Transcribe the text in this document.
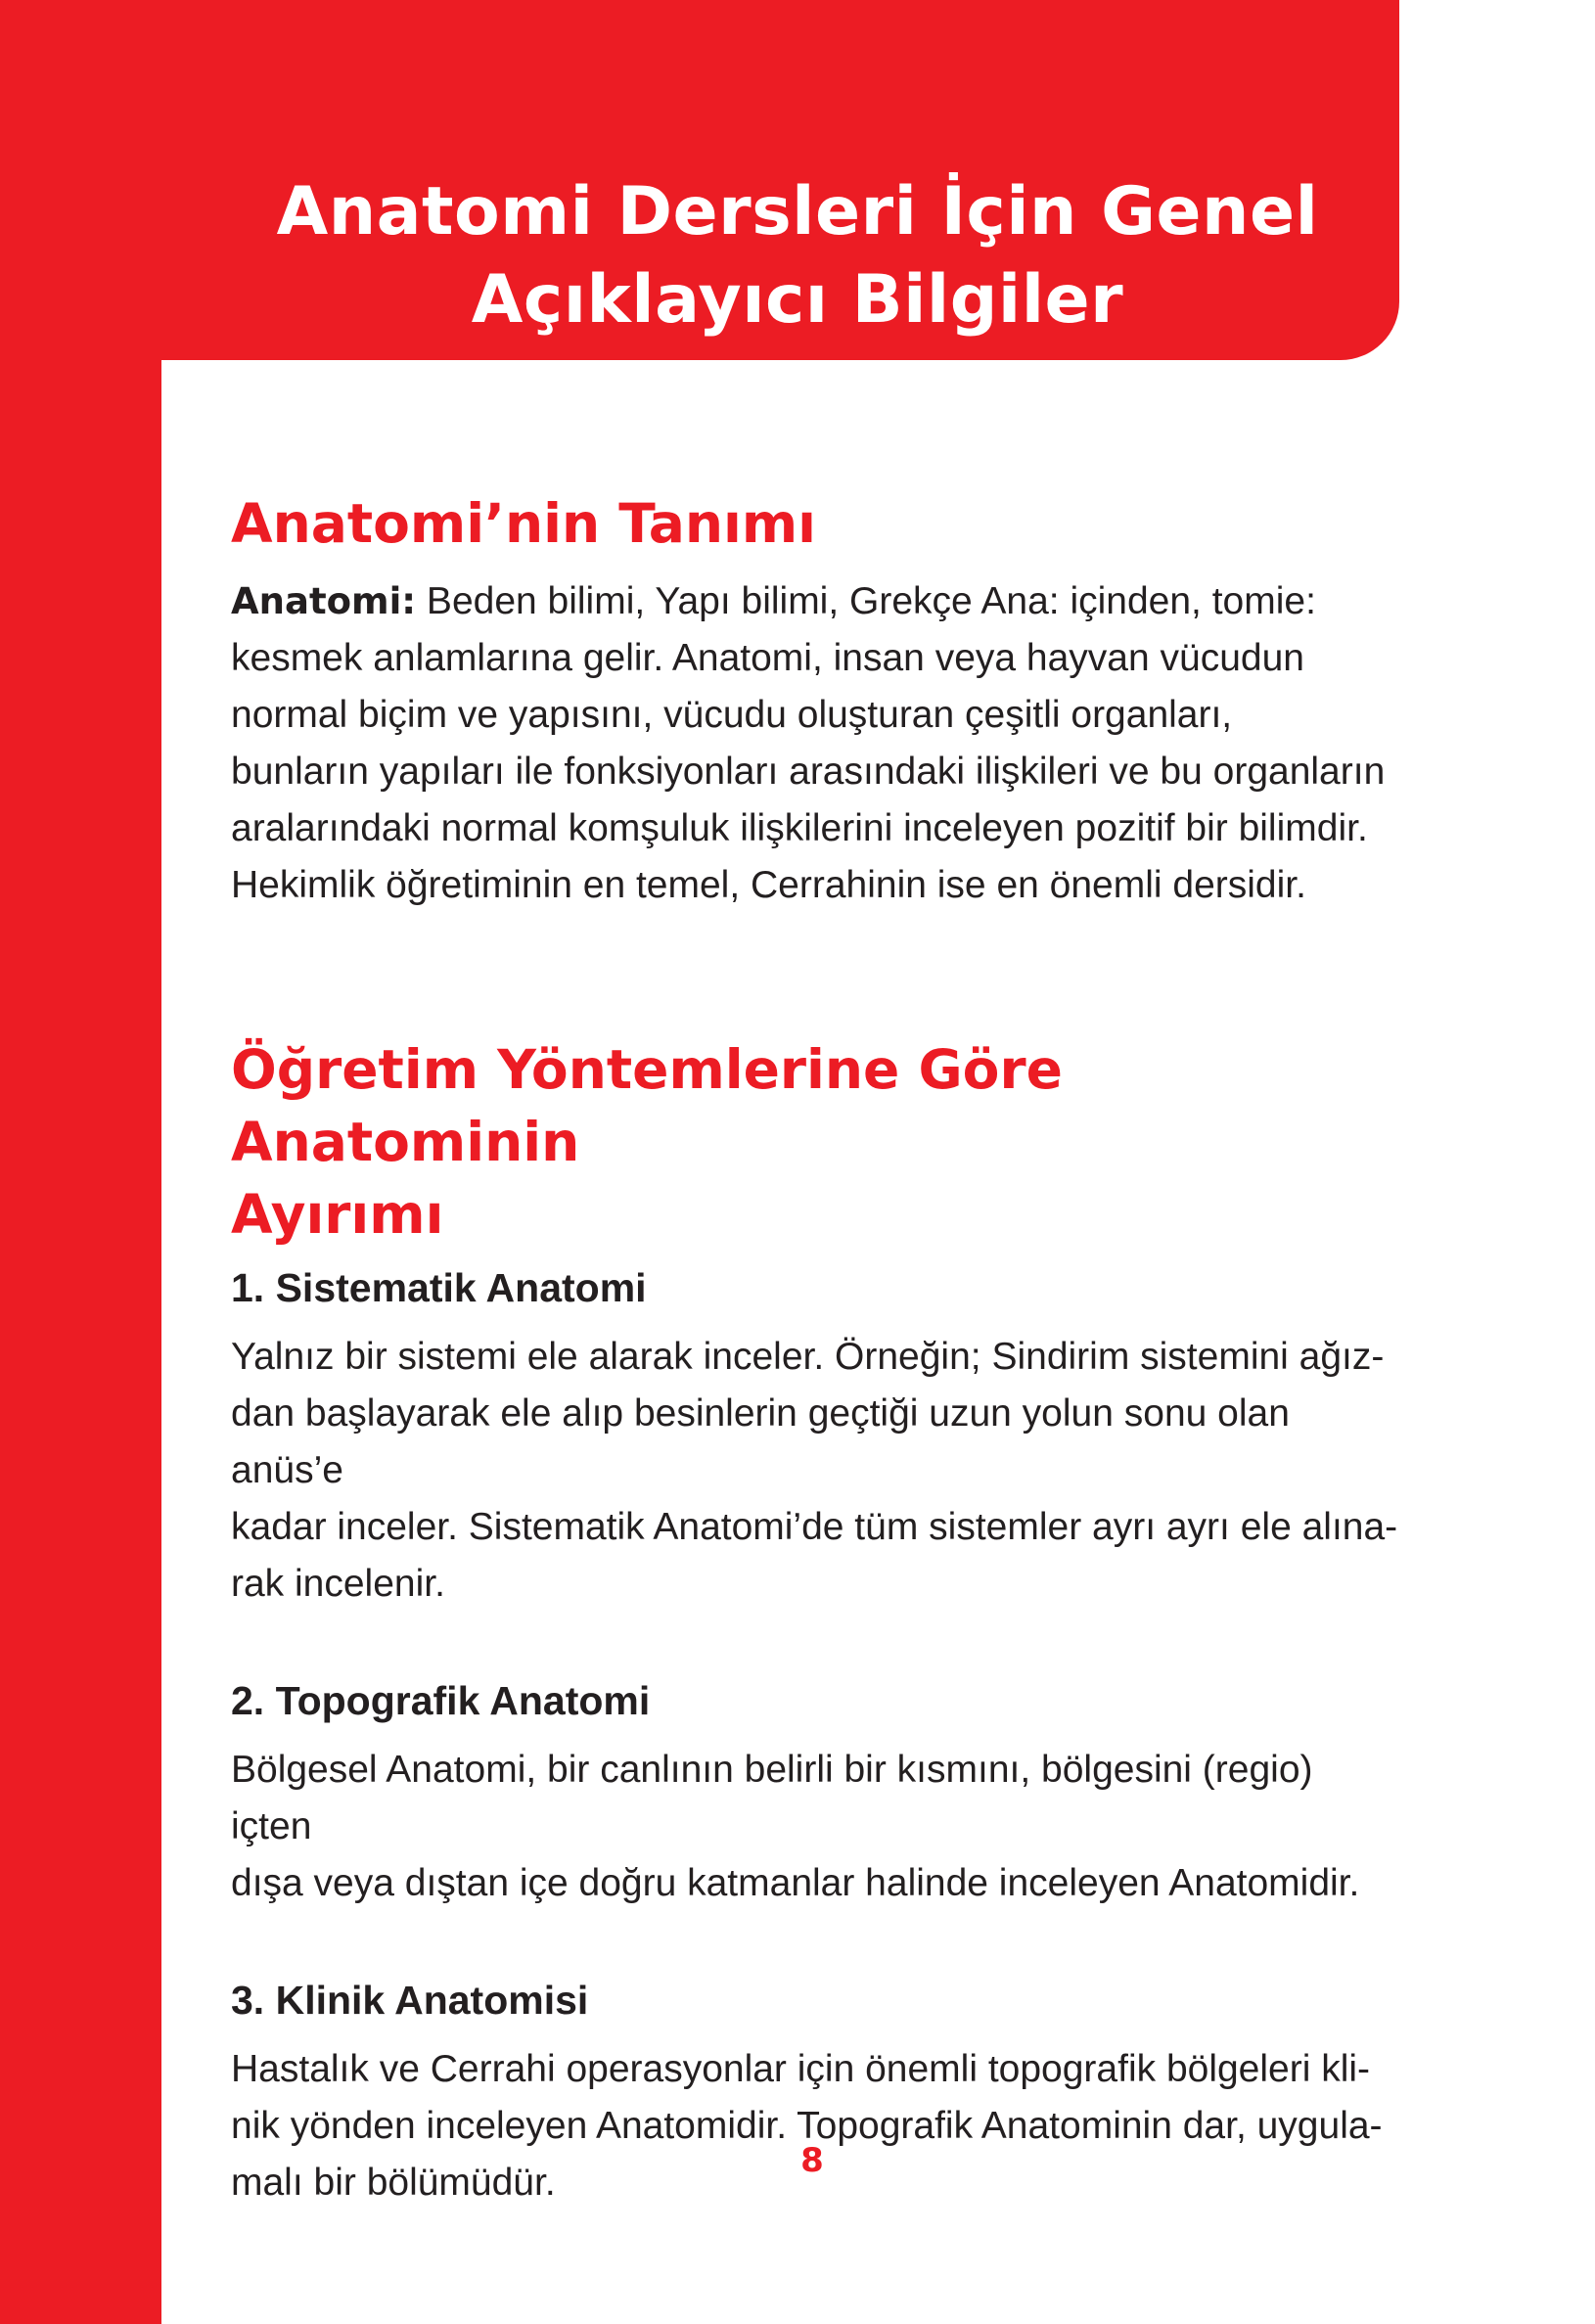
Anatomi Dersleri İçin Genel
Açıklayıcı Bilgiler
Anatomi’nin Tanımı

Anatomi: Beden bilimi, Yapı bilimi, Grekçe Ana: içinden, tomie:
kesmek anlamlarına gelir. Anatomi, insan veya hayvan vücudun
normal biçim ve yapısını, vücudu oluşturan çeşitli organları,
bunların yapıları ile fonksiyonları arasındaki ilişkileri ve bu organların
aralarındaki normal komşuluk ilişkilerini inceleyen pozitif bir bilimdir.
Hekimlik öğretiminin en temel, Cerrahinin ise en önemli dersidir.

Öğretim Yöntemlerine Göre Anatominin
Ayırımı
1. Sistematik Anatomi

Yalnız bir sistemi ele alarak inceler. Örneğin; Sindirim sistemini ağız-
dan başlayarak ele alıp besinlerin geçtiği uzun yolun sonu olan anüs’e
kadar inceler. Sistematik Anatomi’de tüm sistemler ayrı ayrı ele alına-
rak incelenir.

2. Topografik Anatomi

Bölgesel Anatomi, bir canlının belirli bir kısmını, bölgesini (regio) içten
dışa veya dıştan içe doğru katmanlar halinde inceleyen Anatomidir.

3. Klinik Anatomisi

Hastalık ve Cerrahi operasyonlar için önemli topografik bölgeleri kli-
nik yönden inceleyen Anatomidir. Topografik Anatominin dar, uygula-
malı bir bölümüdür.

8
